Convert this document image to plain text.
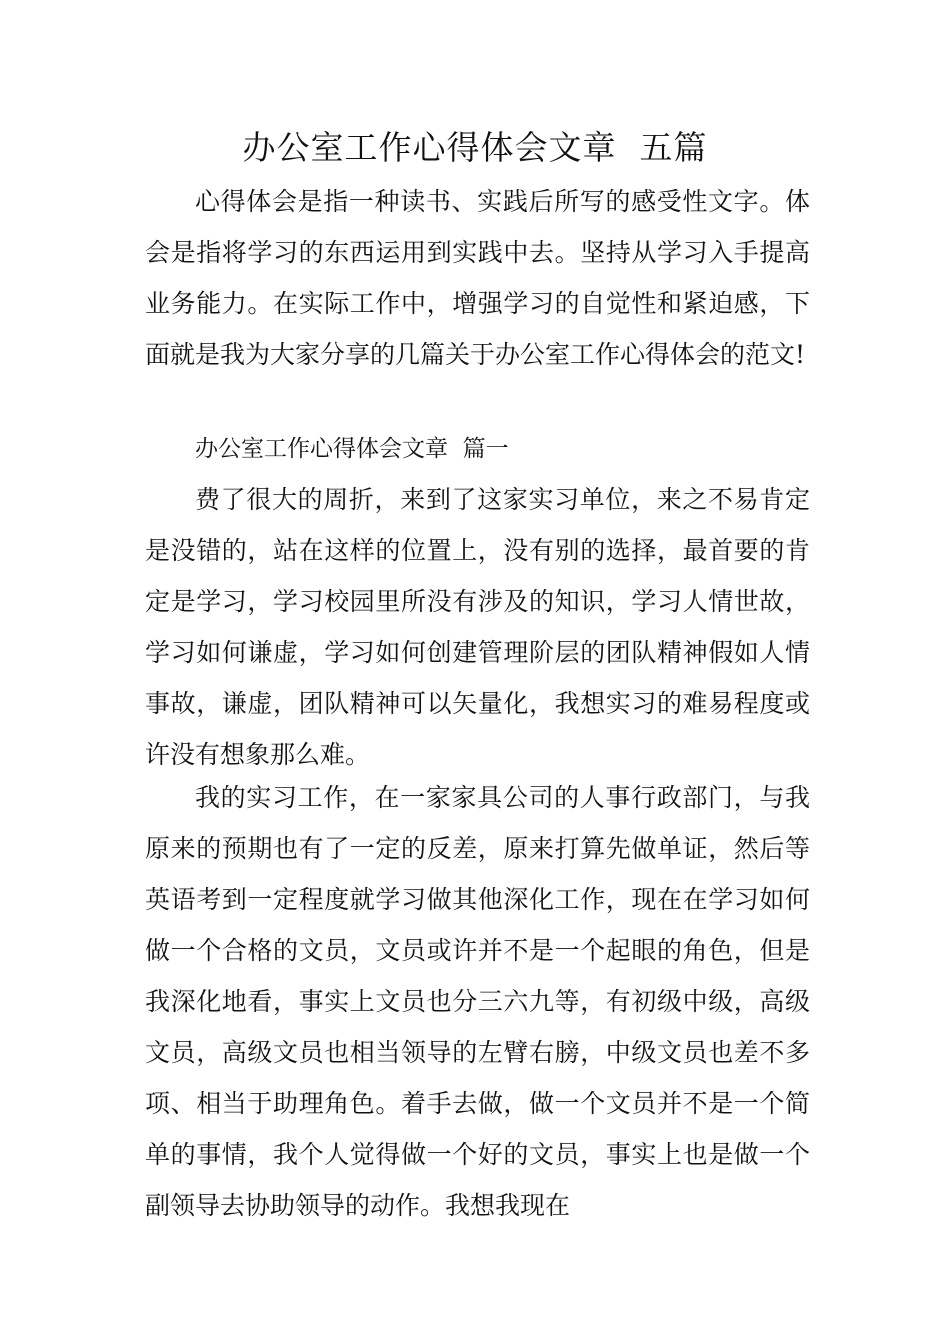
办公室工作心得体会文章  五篇

心得体会是指一种读书、实践后所写的感受性文字。体会是指将学习的东西运用到实践中去。坚持从学习入手提高业务能力。在实际工作中，增强学习的自觉性和紧迫感，下面就是我为大家分享的几篇关于办公室工作心得体会的范文!

办公室工作心得体会文章  篇一

费了很大的周折，来到了这家实习单位，来之不易肯定是没错的，站在这样的位置上，没有别的选择，最首要的肯定是学习，学习校园里所没有涉及的知识，学习人情世故，学习如何谦虚，学习如何创建管理阶层的团队精神假如人情事故，谦虚，团队精神可以矢量化，我想实习的难易程度或许没有想象那么难。

我的实习工作，在一家家具公司的人事行政部门，与我原来的预期也有了一定的反差，原来打算先做单证，然后等英语考到一定程度就学习做其他深化工作，现在在学习如何做一个合格的文员，文员或许并不是一个起眼的角色，但是我深化地看，事实上文员也分三六九等，有初级中级，高级文员，高级文员也相当领导的左臂右膀，中级文员也差不多项、相当于助理角色。着手去做，做一个文员并不是一个简单的事情，我个人觉得做一个好的文员，事实上也是做一个副领导去协助领导的动作。我想我现在
